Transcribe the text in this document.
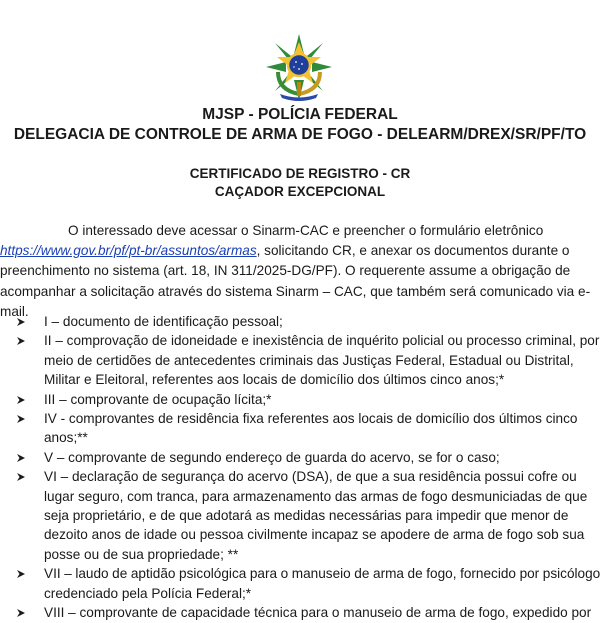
MJSP - POLÍCIA FEDERAL
DELEGACIA DE CONTROLE DE ARMA DE FOGO - DELEARM/DREX/SR/PF/TO
CERTIFICADO DE REGISTRO - CR
CAÇADOR EXCEPCIONAL
O interessado deve acessar o Sinarm-CAC e preencher o formulário eletrônico
https://www.gov.br/pf/pt-br/assuntos/armas, solicitando CR, e anexar os documentos durante o
preenchimento no sistema (art. 18, IN 311/2025-DG/PF). O requerente assume a obrigação de
acompanhar a solicitação através do sistema Sinarm – CAC, que também será comunicado via e-
mail.
I – documento de identificação pessoal;
II – comprovação de idoneidade e inexistência de inquérito policial ou processo criminal, por
meio de certidões de antecedentes criminais das Justiças Federal, Estadual ou Distrital,
Militar e Eleitoral, referentes aos locais de domicílio dos últimos cinco anos;*
III – comprovante de ocupação lícita;*
IV - comprovantes de residência fixa referentes aos locais de domicílio dos últimos cinco
anos;**
V – comprovante de segundo endereço de guarda do acervo, se for o caso;
VI – declaração de segurança do acervo (DSA), de que a sua residência possui cofre ou
lugar seguro, com tranca, para armazenamento das armas de fogo desmuniciadas de que
seja proprietário, e de que adotará as medidas necessárias para impedir que menor de
dezoito anos de idade ou pessoa civilmente incapaz se apodere de arma de fogo sob sua
posse ou de sua propriedade; **
VII – laudo de aptidão psicológica para o manuseio de arma de fogo, fornecido por psicólogo
credenciado pela Polícia Federal;*
VIII – comprovante de capacidade técnica para o manuseio de arma de fogo, expedido por
